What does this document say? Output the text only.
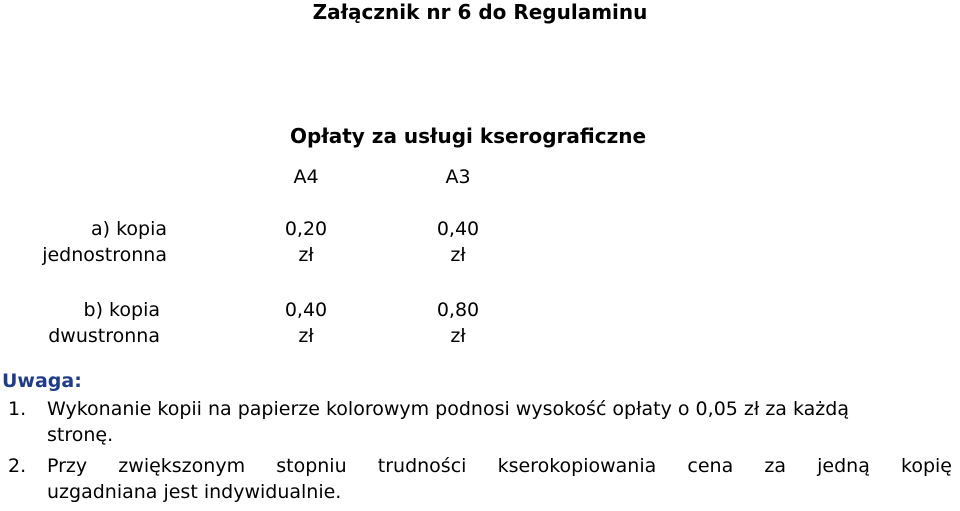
Załącznik nr 6 do Regulaminu
Opłaty za usługi kserograficzne
A4	A3
a) kopia
jednostronna
0,20
zł
0,40
zł
b) kopia
dwustronna
0,40
zł
0,80
zł
Uwaga:
1. Wykonanie kopii na papierze kolorowym podnosi wysokość opłaty o 0,05 zł za każdą
stronę.
2. Przy zwiększonym stopniu trudności kserokopiowania cena za jedną kopię
uzgadniana jest indywidualnie.
